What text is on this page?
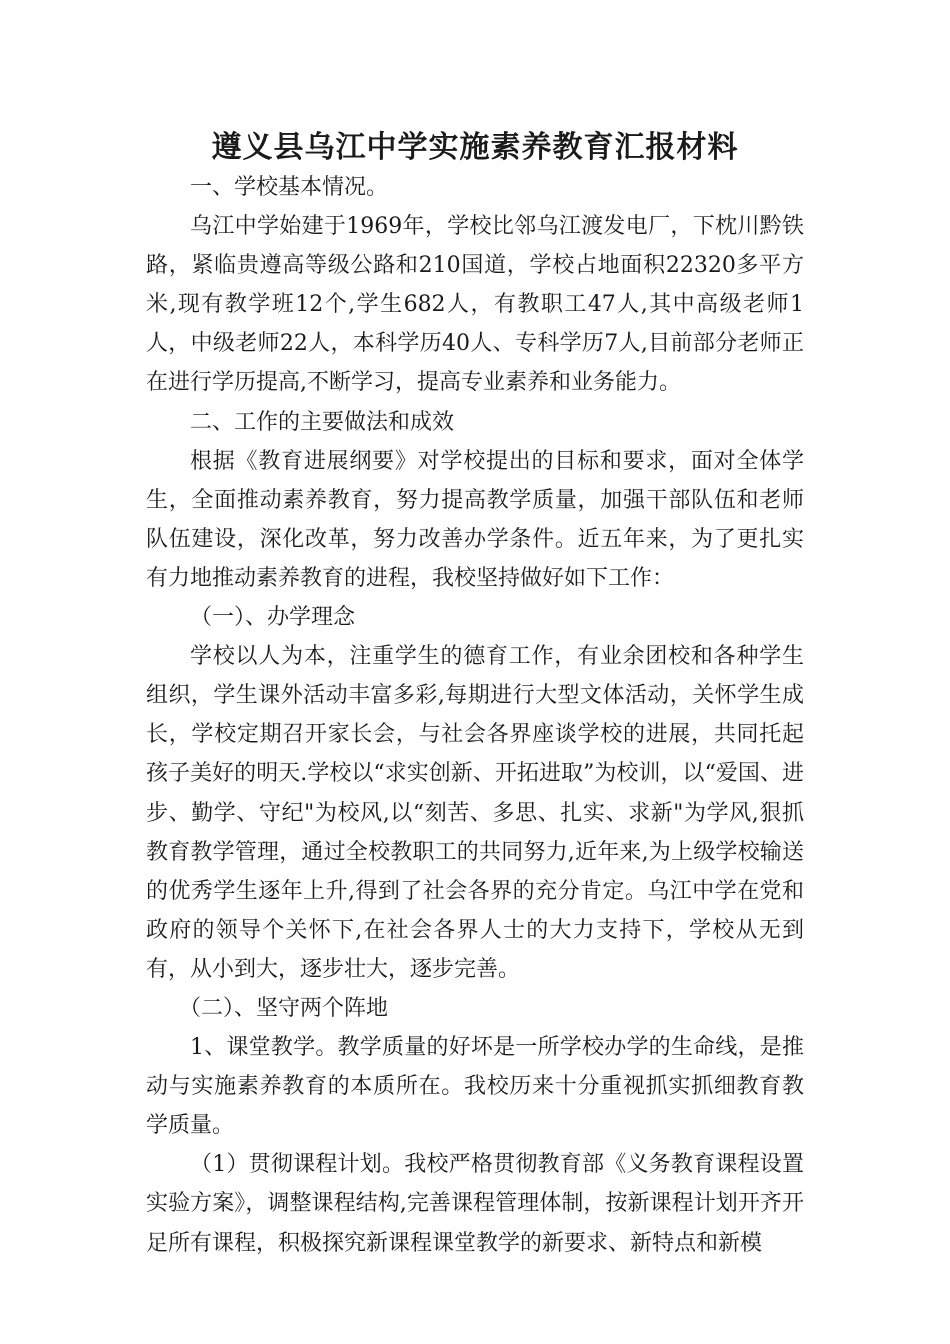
遵义县乌江中学实施素养教育汇报材料

一、学校基本情况。

乌江中学始建于1969年，学校比邻乌江渡发电厂，下枕川黔铁路，紧临贵遵高等级公路和210国道，学校占地面积22320多平方米,现有教学班12个,学生682人，有教职工47人,其中高级老师1人，中级老师22人，本科学历40人、专科学历7人,目前部分老师正在进行学历提高,不断学习，提高专业素养和业务能力。

二、工作的主要做法和成效

根据《教育进展纲要》对学校提出的目标和要求，面对全体学生，全面推动素养教育，努力提高教学质量，加强干部队伍和老师队伍建设，深化改革，努力改善办学条件。近五年来，为了更扎实有力地推动素养教育的进程，我校坚持做好如下工作：

（一）、办学理念

学校以人为本，注重学生的德育工作，有业余团校和各种学生组织，学生课外活动丰富多彩,每期进行大型文体活动，关怀学生成长，学校定期召开家长会，与社会各界座谈学校的进展，共同托起孩子美好的明天.学校以“求实创新、开拓进取”为校训，以“爱国、进步、勤学、守纪"为校风,以“刻苦、多思、扎实、求新"为学风,狠抓教育教学管理，通过全校教职工的共同努力,近年来,为上级学校输送的优秀学生逐年上升,得到了社会各界的充分肯定。乌江中学在党和政府的领导个关怀下,在社会各界人士的大力支持下，学校从无到有，从小到大，逐步壮大，逐步完善。

（二）、坚守两个阵地

1、课堂教学。教学质量的好坏是一所学校办学的生命线，是推动与实施素养教育的本质所在。我校历来十分重视抓实抓细教育教学质量。

（1）贯彻课程计划。我校严格贯彻教育部《义务教育课程设置实验方案》，调整课程结构,完善课程管理体制，按新课程计划开齐开足所有课程，积极探究新课程课堂教学的新要求、新特点和新模
